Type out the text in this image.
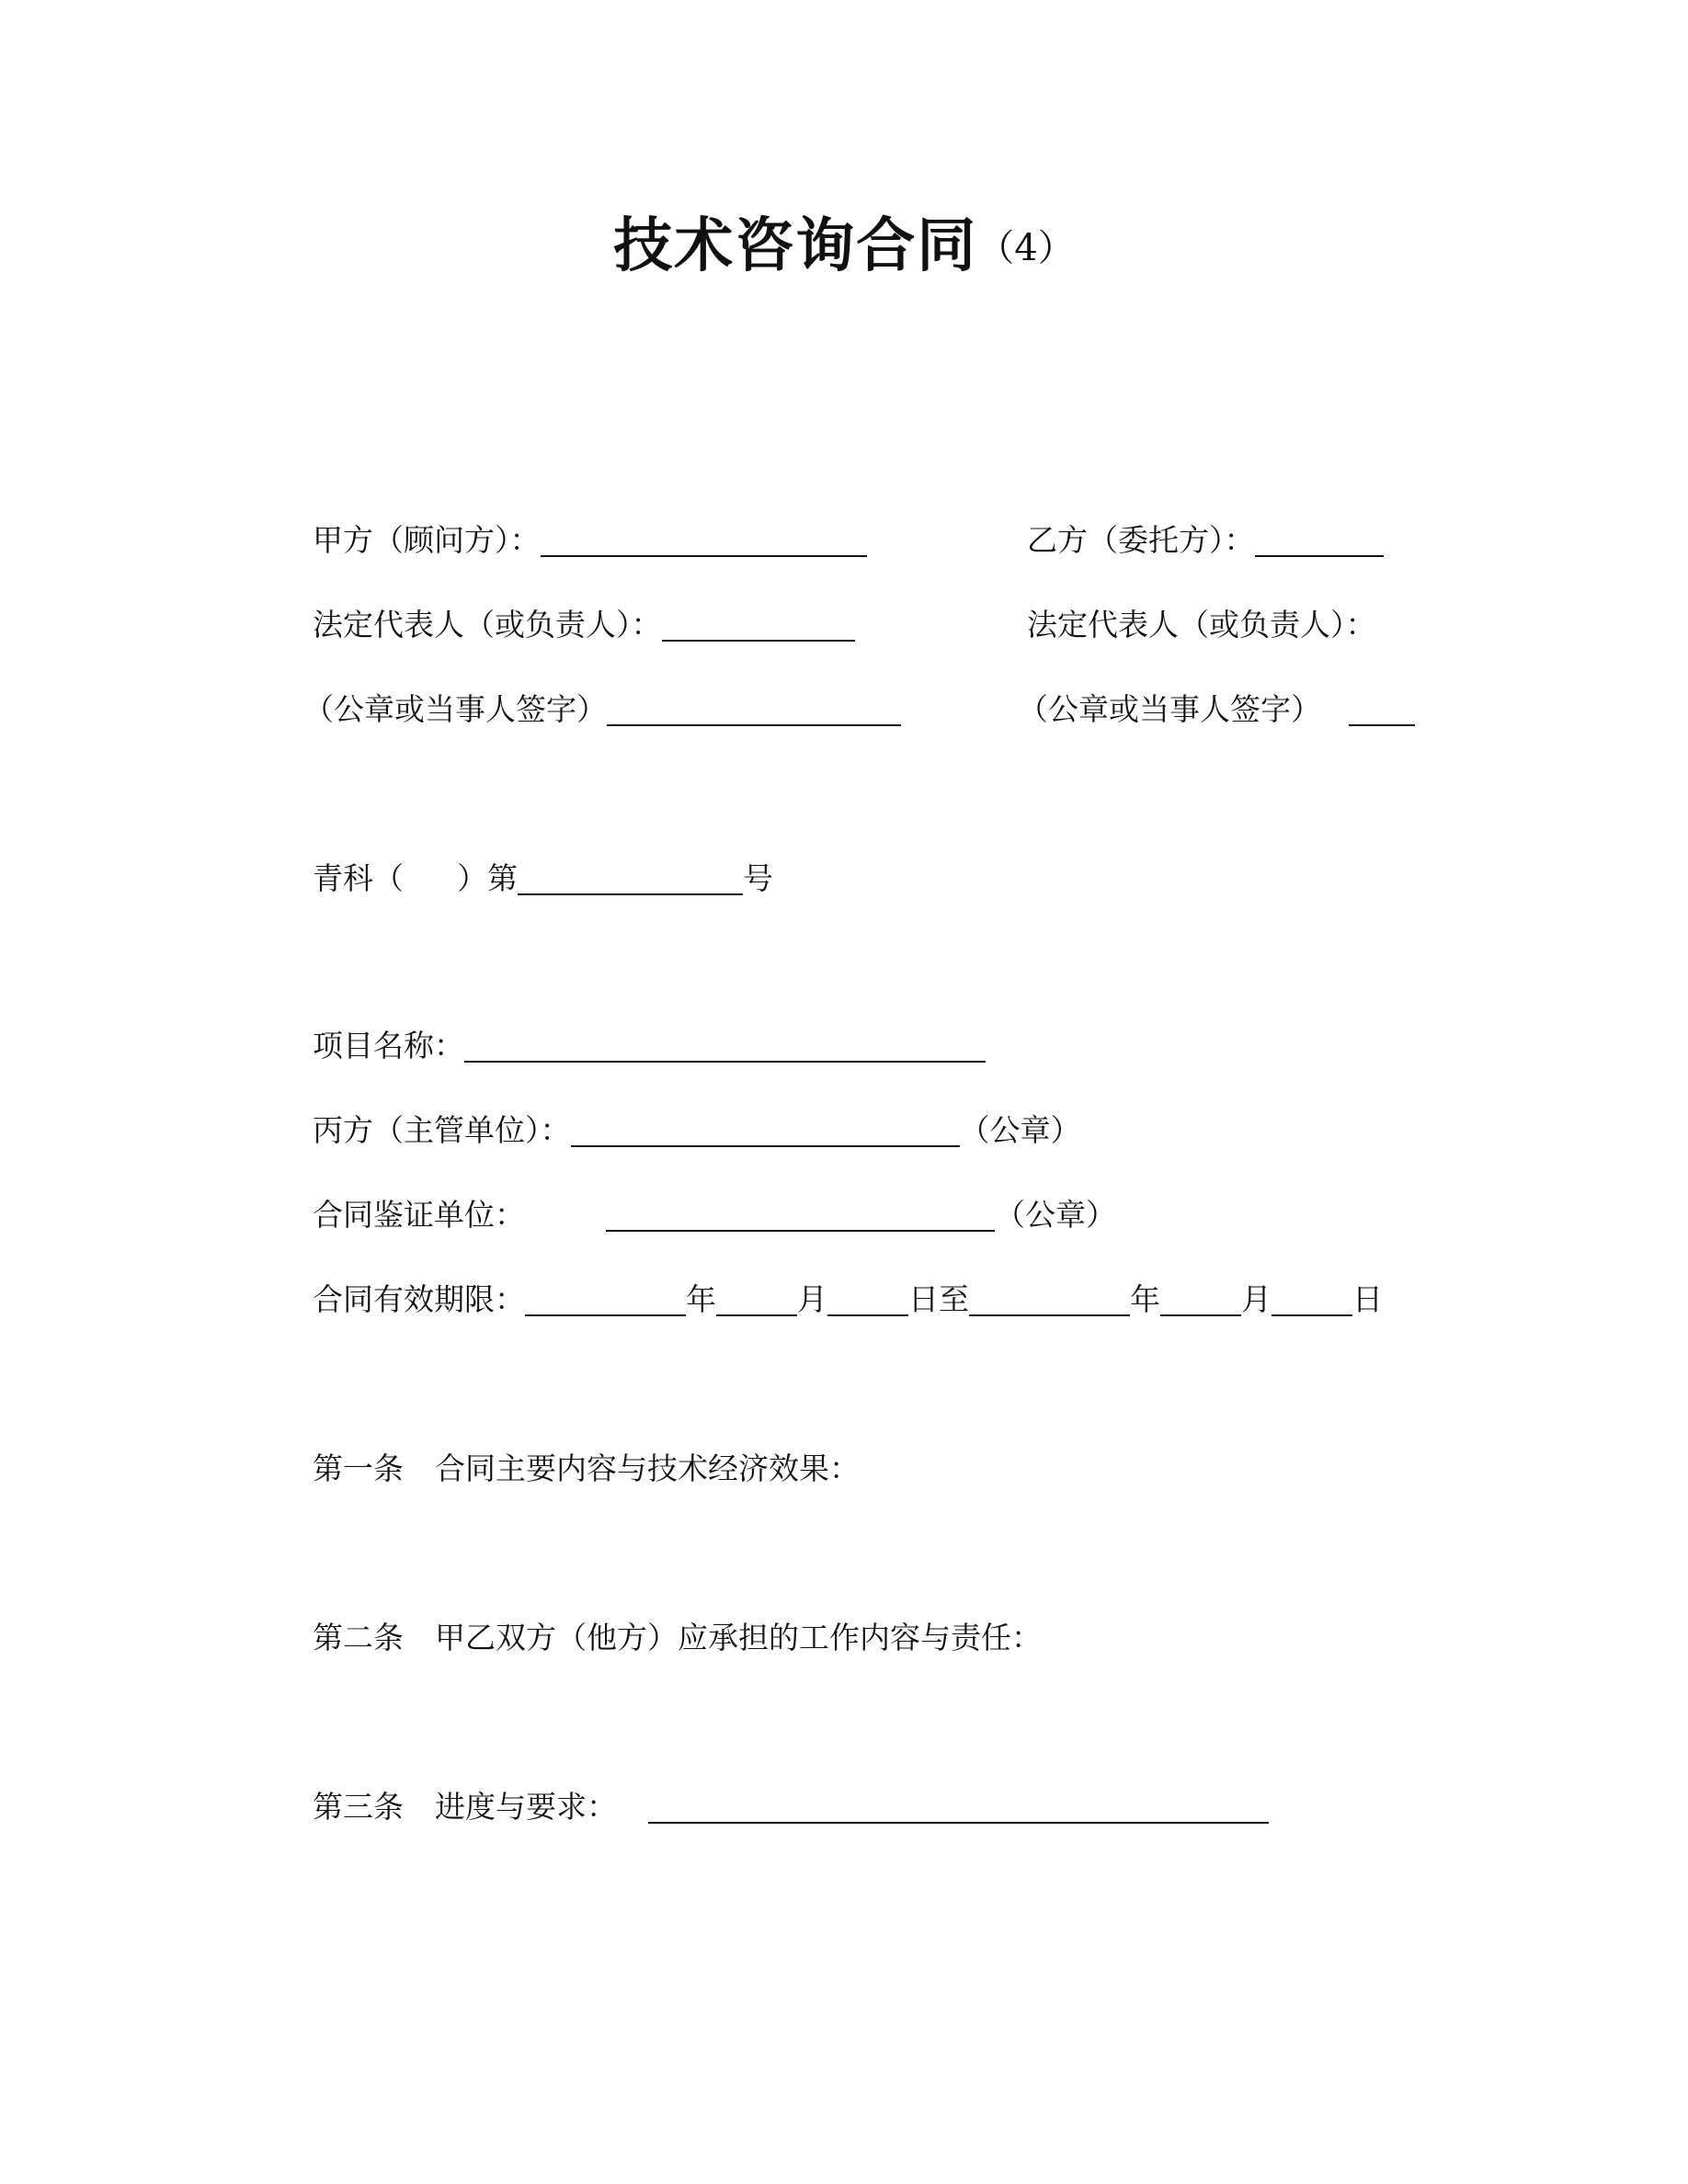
技术咨询合同（4）
甲方（顾问方）：	乙方（委托方）：
法定代表人（或负责人）：	法定代表人（或负责人）：
（公章或当事人签字）	（公章或当事人签字）
青科（ ）第	号
项目名称：
丙方（主管单位）：	（公章）
合同鉴证单位：	（公章）
合同有效期限：	年	月	日至	年	月	日
第一条 合同主要内容与技术经济效果：
第二条 甲乙双方（他方）应承担的工作内容与责任：
第三条 进度与要求：
